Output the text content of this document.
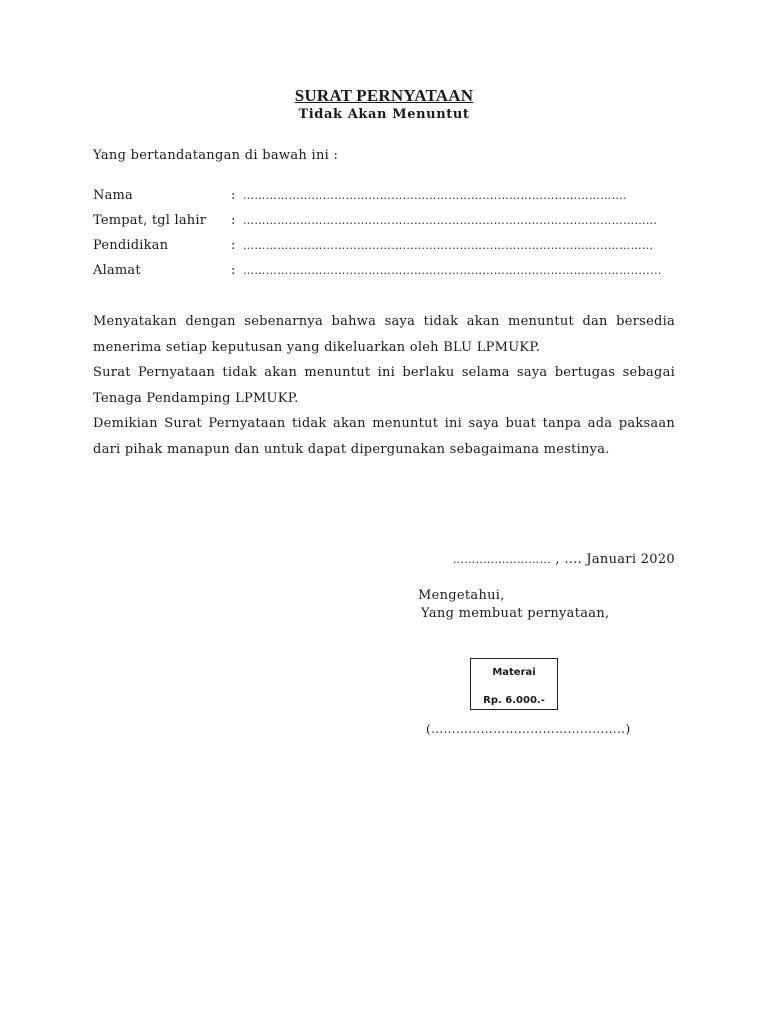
SURAT PERNYATAAN
Tidak Akan Menuntut
Yang bertandatangan di bawah ini :
Nama	: ………………………………………………………….…………………………….
Tempat, tgl lahir	: …………………………………………………………………………….…………………
Pendidikan	: ………………………………………………………………………………………………
Alamat	: …………………………………………………………………………………………........

Menyatakan dengan sebenarnya bahwa saya tidak akan menuntut dan bersedia menerima setiap keputusan yang dikeluarkan oleh BLU LPMUKP.

Surat Pernyataan tidak akan menuntut ini berlaku selama saya bertugas sebagai Tenaga Pendamping LPMUKP.

Demikian Surat Pernyataan tidak akan menuntut ini saya buat tanpa ada paksaan dari pihak manapun dan untuk dapat dipergunakan sebagaimana mestinya.

……..……………… , …. Januari 2020
Mengetahui,
Yang membuat pernyataan,
Materai
Rp. 6.000.-
(………………………………………..)
